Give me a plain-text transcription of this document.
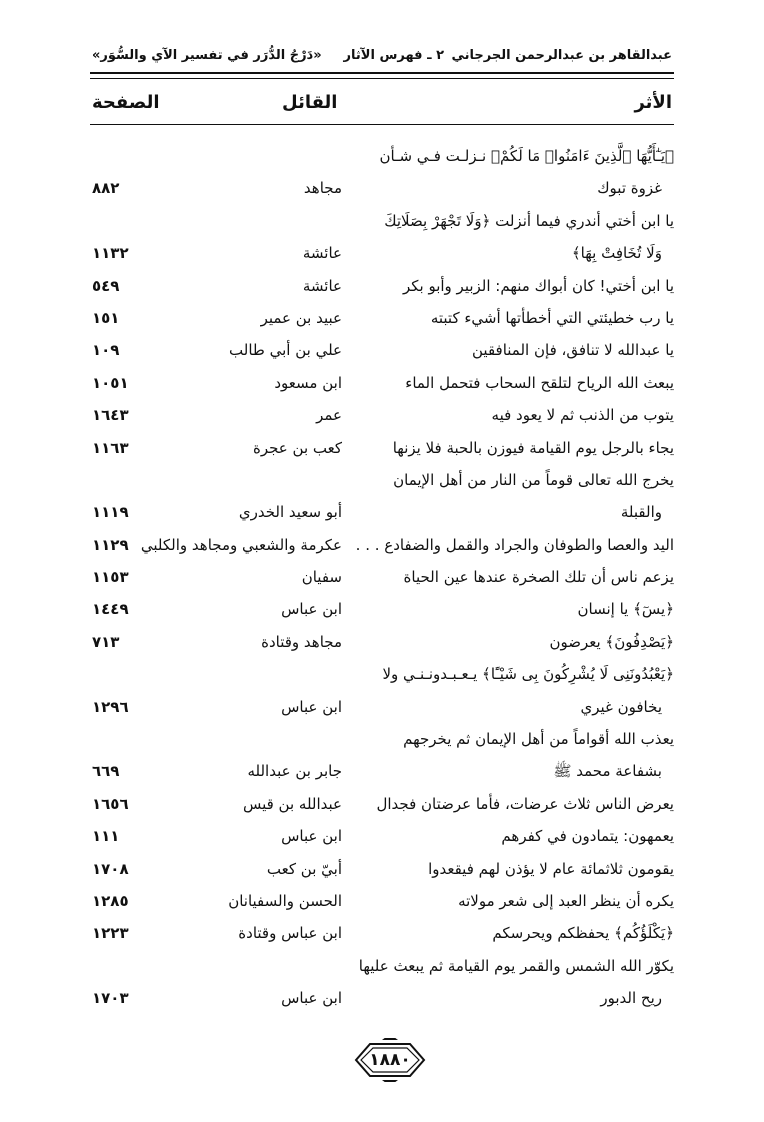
عبدالقاهر بن عبدالرحمن الجرجاني
٢ ـ فهرس الآثار
«دَرْجُ الدُّرَر في تفسير الآي والسُّوَر»
الأثر
القائل
الصفحة
﴿يَـٰٓأَيُّهَا ٱلَّذِينَ ءَامَنُوا۟ مَا لَكُمْ﴾ نـزلـت فـي شـأن
غزوة تبوك
مجاهد
٨٨٢
يا ابن أختي أندري فيما أنزلت ﴿وَلَا تَجْهَرْ بِصَلَاتِكَ
وَلَا تُخَافِتْ بِهَا﴾
عائشة
١١٣٢
يا ابن أختي! كان أبواك منهم: الزبير وأبو بكر
عائشة
٥٤٩
يا رب خطيئتي التي أخطأتها أشيء كتبته
عبيد بن عمير
١٥١
يا عبدالله لا تنافق، فإن المنافقين
علي بن أبي طالب
١٠٩
يبعث الله الرياح لتلقح السحاب فتحمل الماء
ابن مسعود
١٠٥١
يتوب من الذنب ثم لا يعود فيه
عمر
١٦٤٣
يجاء بالرجل يوم القيامة فيوزن بالحبة فلا يزنها
كعب بن عجرة
١١٦٣
يخرج الله تعالى قوماً من النار من أهل الإيمان
والقبلة
أبو سعيد الخدري
١١١٩
اليد والعصا والطوفان والجراد والقمل والضفادع . . .
عكرمة والشعبي ومجاهد والكلبي
١١٢٩
يزعم ناس أن تلك الصخرة عندها عين الحياة
سفيان
١١٥٣
﴿يسٓ﴾ يا إنسان
ابن عباس
١٤٤٩
﴿يَصْدِفُونَ﴾ يعرضون
مجاهد وقتادة
٧١٣
﴿يَعْبُدُونَنِى لَا يُشْرِكُونَ بِى شَيْـًٔا﴾ يـعـبـدونـنـي ولا
يخافون غيري
ابن عباس
١٢٩٦
يعذب الله أقواماً من أهل الإيمان ثم يخرجهم
بشفاعة محمد ﷺ
جابر بن عبدالله
٦٦٩
يعرض الناس ثلاث عرضات، فأما عرضتان فجدال
عبدالله بن قيس
١٦٥٦
يعمهون: يتمادون في كفرهم
ابن عباس
١١١
يقومون ثلاثمائة عام لا يؤذن لهم فيقعدوا
أبيّ بن كعب
١٧٠٨
يكره أن ينظر العبد إلى شعر مولاته
الحسن والسفيانان
١٢٨٥
﴿يَكْلَؤُكُم﴾ يحفظكم ويحرسكم
ابن عباس وقتادة
١٢٢٣
يكوّر الله الشمس والقمر يوم القيامة ثم يبعث عليها
ريح الدبور
ابن عباس
١٧٠٣
١٨٨٠
